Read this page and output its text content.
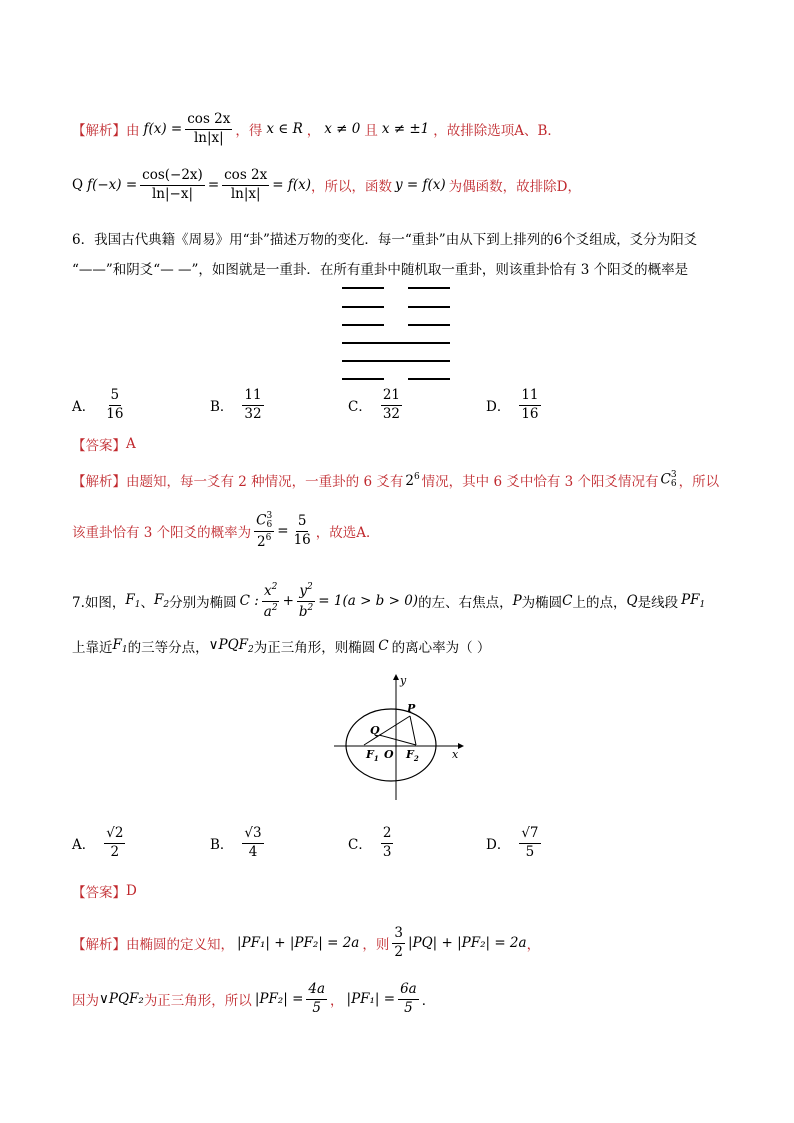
【解析】 由 $f(x) = \frac{\cos 2x}{\ln|x|}$ ，得 x ∈ R ， x ≠ 0 且 x ≠ ±1 ，故排除选项A、B．
Q $f(-x) = \frac{\cos(-2x)}{\ln|-x|} = \frac{\cos 2x}{\ln|x|} = f(x)$ ，所以，函数 y = f(x) 为偶函数，故排除D，
6．我国古代典籍《周易》用“卦”描述万物的变化．每一“重卦”由从下到上排列的6个爻组成，爻分为阳爻
“——”和阴爻“— —”，如图就是一重卦．在所有重卦中随机取一重卦，则该重卦恰有 3 个阳爻的概率是
A． $\frac{5}{16}$	B． $\frac{11}{32}$	C． $\frac{21}{32}$	D． $\frac{11}{16}$
【答案】 A
【解析】 由题知，每一爻有 2 种情况，一重卦的 6 爻有 $2^6$ 情况，其中 6 爻中恰有 3 个阳爻情况有 C 3
6 ，所以
该重卦恰有 3 个阳爻的概率为 C 3
6
$2^6 = \frac{5}{16}$ ，故选A．
7.如图， $F_1$ 、 $F_2$ 分别为椭圆 C : $\frac{x^2}{a^2} + \frac{y^2}{b^2} = 1(a > b > 0)$ 的左、右焦点， P 为椭圆 C 上的点， Q 是线段 $PF_1$
上靠近 $F_1$ 的三等分点， $\vee PQF_2$ 为正三角形，则椭圆 C 的离心率为（ ）
y
x
P
Q
$F_1$ O $F_2$
A． $\frac{√2}{2}$	B． $\frac{√3}{4}$	C． $\frac{2}{3}$	D． $\frac{√7}{5}$
【答案】 D
【解析】 由椭圆的定义知， |PF₁| + |PF₂| = 2a ，则 $\frac{3}{2} |PQ| + |PF_2| = 2a$ ，
因为 ∨PQF₂ 为正三角形，所以 $|PF_2| = \frac{4a}{5}$ ， $|PF_1| = \frac{6a}{5}$ ．
